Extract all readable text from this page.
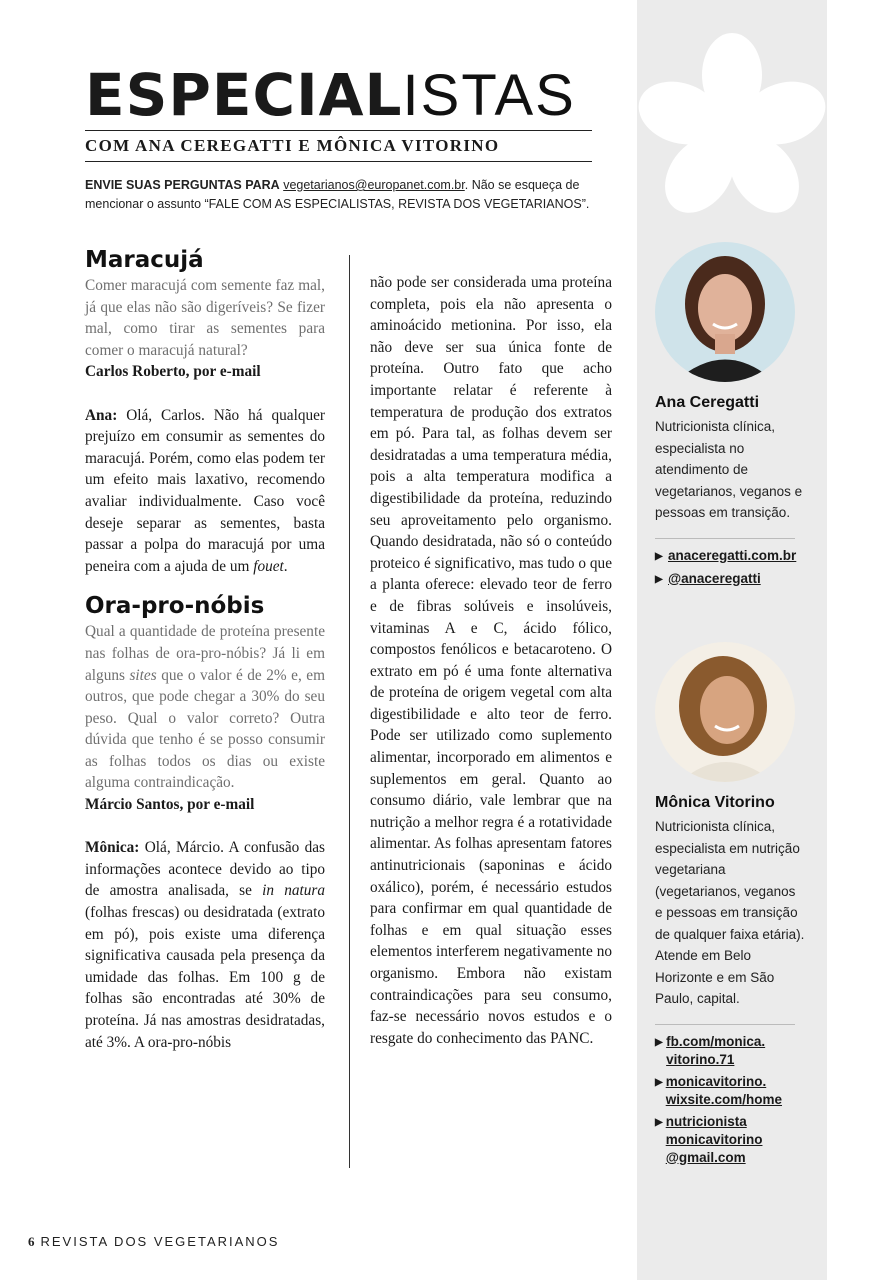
ESPECIALISTAS
COM ANA CEREGATTI E MÔNICA VITORINO
ENVIE SUAS PERGUNTAS PARA vegetarianos@europanet.com.br. Não se esqueça de mencionar o assunto “FALE COM AS ESPECIALISTAS, REVISTA DOS VEGETARIANOS”.
Maracujá

Comer maracujá com semente faz mal, já que elas não são digeríveis? Se fizer mal, como tirar as sementes para comer o maracujá natural?

Carlos Roberto, por e-mail

Ana: Olá, Carlos. Não há qualquer prejuízo em consumir as sementes do maracujá. Porém, como elas podem ter um efeito mais laxativo, recomendo avaliar individualmente. Caso você deseje separar as sementes, basta passar a polpa do maracujá por uma peneira com a ajuda de um fouet.

Ora-pro-nóbis

Qual a quantidade de proteína presente nas folhas de ora-pro-nóbis? Já li em alguns sites que o valor é de 2% e, em outros, que pode chegar a 30% do seu peso. Qual o valor correto? Outra dúvida que tenho é se posso consumir as folhas todos os dias ou existe alguma contraindicação.

Márcio Santos, por e-mail

Mônica: Olá, Márcio. A confusão das informações acontece devido ao tipo de amostra analisada, se in natura (folhas frescas) ou desidratada (extrato em pó), pois existe uma diferença significativa causada pela presença da umidade das folhas. Em 100 g de folhas são encontradas até 30% de proteína. Já nas amostras desidratadas, até 3%. A ora-pro-nóbis

não pode ser considerada uma proteína completa, pois ela não apresenta o aminoácido metionina. Por isso, ela não deve ser sua única fonte de proteína. Outro fato que acho importante relatar é referente à temperatura de produção dos extratos em pó. Para tal, as folhas devem ser desidratadas a uma temperatura média, pois a alta temperatura modifica a digestibilidade da proteína, reduzindo seu aproveitamento pelo organismo. Quando desidratada, não só o conteúdo proteico é significativo, mas tudo o que a planta oferece: elevado teor de ferro e de fibras solúveis e insolúveis, vitaminas A e C, ácido fólico, compostos fenólicos e betacaroteno. O extrato em pó é uma fonte alternativa de proteína de origem vegetal com alta digestibilidade e alto teor de ferro. Pode ser utilizado como suplemento alimentar, incorporado em alimentos e suplementos em geral. Quanto ao consumo diário, vale lembrar que na nutrição a melhor regra é a rotatividade alimentar. As folhas apresentam fatores antinutricionais (saponinas e ácido oxálico), porém, é necessário estudos para confirmar em qual quantidade de folhas e em qual situação esses elementos interferem negativamente no organismo. Embora não existam contraindicações para seu consumo, faz-se necessário novos estudos e o resgate do conhecimento das PANC.

Ana Ceregatti
Nutricionista clínica, especialista no atendimento de vegetarianos, veganos e pessoas em transição.
▶ anaceregatti.com.br
▶ @anaceregatti
Mônica Vitorino
Nutricionista clínica, especialista em nutrição vegetariana (vegetarianos, veganos e pessoas em transição de qualquer faixa etária). Atende em Belo Horizonte e em São Paulo, capital.
▶ fb.com/monica. vitorino.71
▶ monicavitorino. wixsite.com/home
▶ nutricionista monicavitorino @gmail.com
6 REVISTA DOS VEGETARIANOS
